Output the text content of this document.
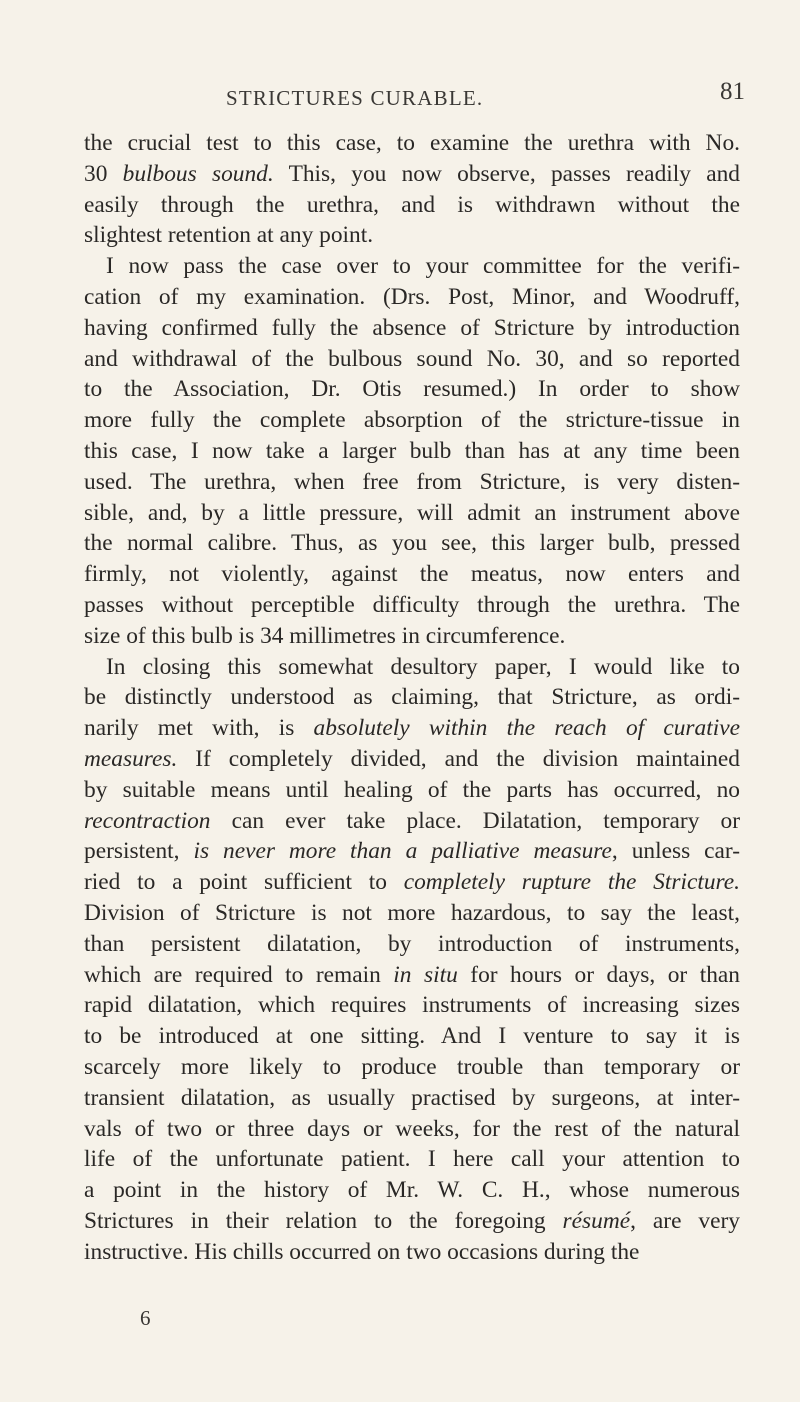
STRICTURES CURABLE.	81
the crucial test to this case, to examine the urethra with No.
30 bulbous sound. This, you now observe, passes readily and
easily through the urethra, and is withdrawn without the
slightest retention at any point.
I now pass the case over to your committee for the verifi-
cation of my examination. (Drs. Post, Minor, and Woodruff,
having confirmed fully the absence of Stricture by introduction
and withdrawal of the bulbous sound No. 30, and so reported
to the Association, Dr. Otis resumed.) In order to show
more fully the complete absorption of the stricture-tissue in
this case, I now take a larger bulb than has at any time been
used. The urethra, when free from Stricture, is very disten-
sible, and, by a little pressure, will admit an instrument above
the normal calibre. Thus, as you see, this larger bulb, pressed
firmly, not violently, against the meatus, now enters and
passes without perceptible difficulty through the urethra. The
size of this bulb is 34 millimetres in circumference.
In closing this somewhat desultory paper, I would like to
be distinctly understood as claiming, that Stricture, as ordi-
narily met with, is absolutely within the reach of curative
measures. If completely divided, and the division maintained
by suitable means until healing of the parts has occurred, no
recontraction can ever take place. Dilatation, temporary or
persistent, is never more than a palliative measure, unless car-
ried to a point sufficient to completely rupture the Stricture.
Division of Stricture is not more hazardous, to say the least,
than persistent dilatation, by introduction of instruments,
which are required to remain in situ for hours or days, or than
rapid dilatation, which requires instruments of increasing sizes
to be introduced at one sitting. And I venture to say it is
scarcely more likely to produce trouble than temporary or
transient dilatation, as usually practised by surgeons, at inter-
vals of two or three days or weeks, for the rest of the natural
life of the unfortunate patient. I here call your attention to
a point in the history of Mr. W. C. H., whose numerous
Strictures in their relation to the foregoing résumé, are very
instructive. His chills occurred on two occasions during the
6
